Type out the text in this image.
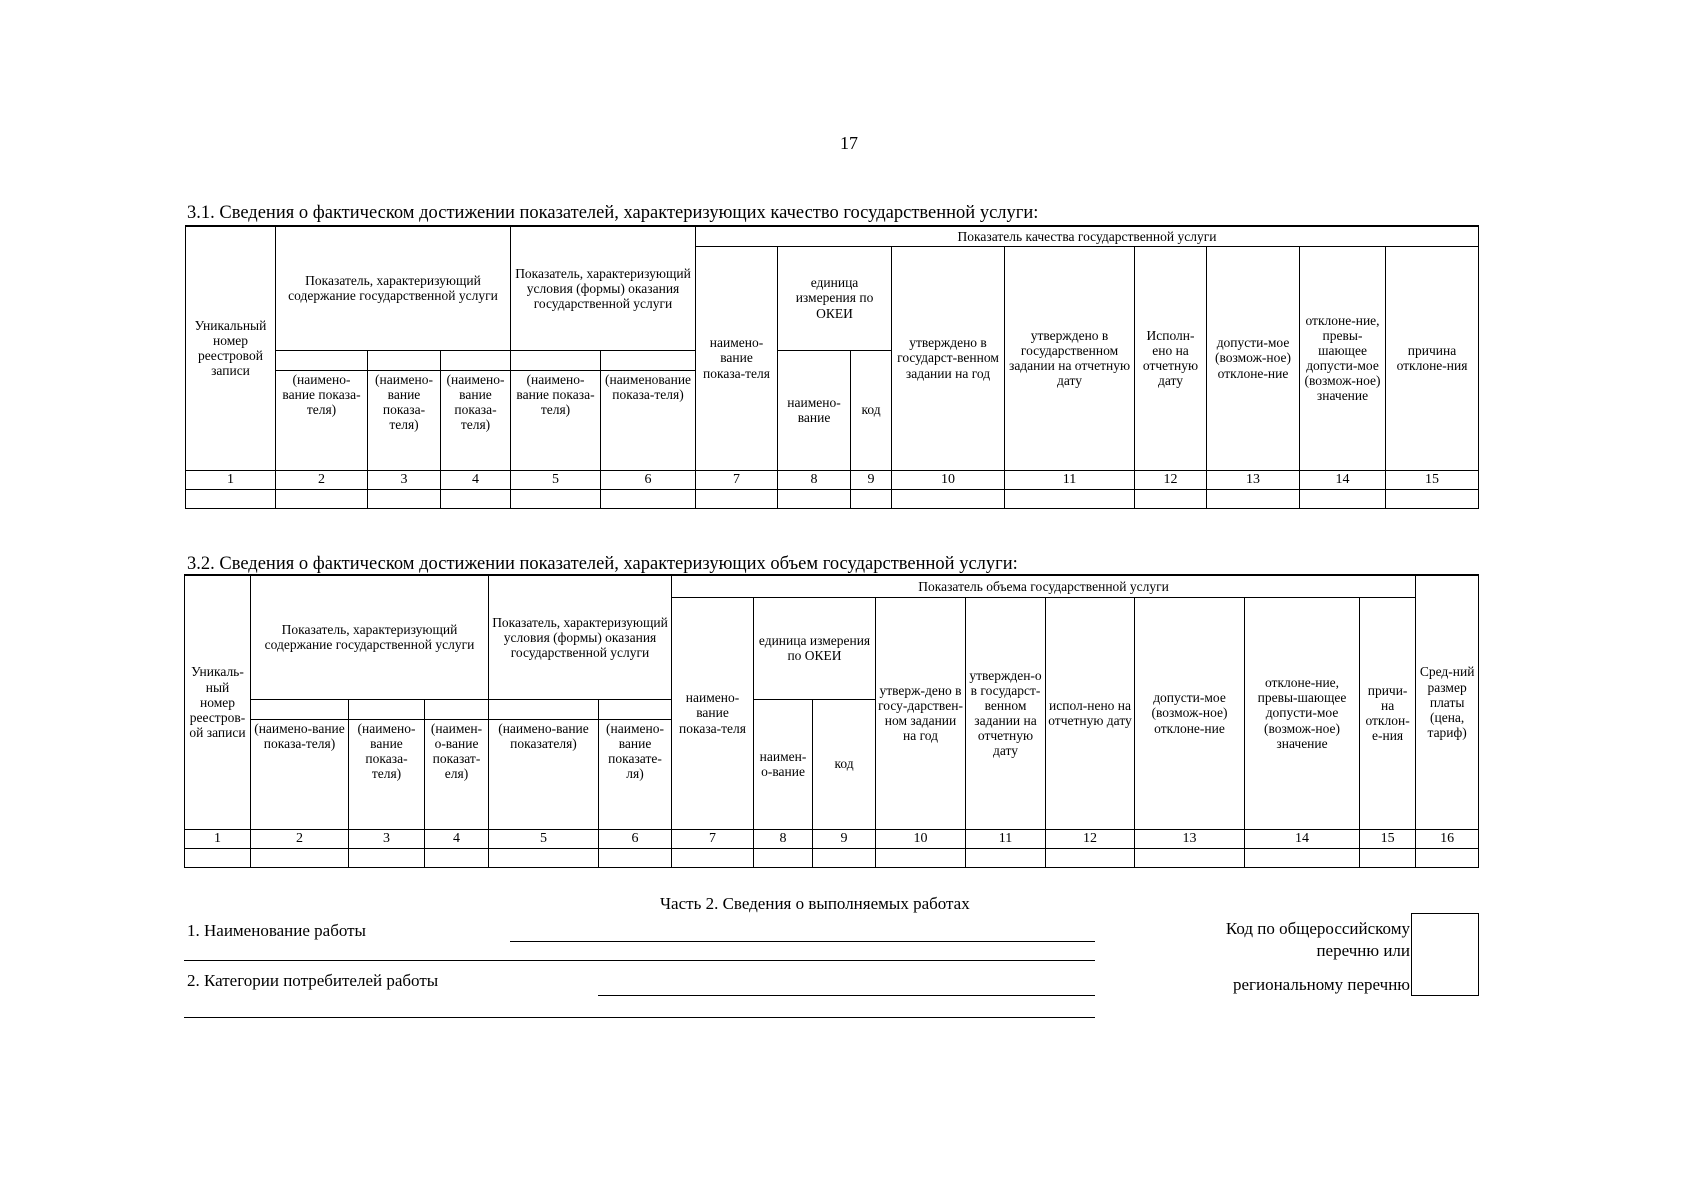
17
3.1. Сведения о фактическом достижении показателей, характеризующих качество государственной услуги:
Уникальный номер реестровой записи	Показатель, характеризующий содержание государственной услуги			Показатель, характеризующий условия (формы) оказания государственной услуги		Показатель качества государственной услуги								
						наимено-вание показа-теля	единица измерения по ОКЕИ		утверждено в государст-венном задании на год	утверждено в государственном задании на отчетную дату	Исполн-ено на отчетную дату	допусти-мое (возмож-ное) отклоне-ние	отклоне-ние, превы-шающее допусти-мое (возмож-ное) значение	причина отклоне-ния
							наимено-вание	код						
	(наимено-вание показа-теля)	(наимено-вание показа-теля)	(наимено-вание показа-теля)	(наимено-вание показа-теля)	(наименование показа-теля)									
1	2	3	4	5	6	7	8	9	10	11	12	13	14	15

3.2. Сведения о фактическом достижении показателей, характеризующих объем государственной услуги:
Уникаль-ный номер реестров-ой записи	Показатель, характеризующий содержание государственной услуги			Показатель, характеризующий условия (формы) оказания государственной услуги		Показатель объема государственной услуги									Сред-ний размер платы (цена, тариф)
						наимено-вание показа-теля	единица измерения по ОКЕИ		утверж-дено в госу-дарствен-ном задании на год	утвержден-о в государст-венном задании на отчетную дату	испол-нено на отчетную дату	допусти-мое (возмож-ное) отклоне-ние	отклоне-ние, превы-шающее допусти-мое (возмож-ное) значение	причи-на отклон-е-ния	
							наимен-о-вание	код							
	(наимено-вание показа-теля)	(наимено-вание показа-теля)	(наимен-о-вание показат-еля)	(наимено-вание показателя)	(наимено-вание показате-ля)										
1	2	3	4	5	6	7	8	9	10	11	12	13	14	15	16

Часть 2. Сведения о выполняемых работах
1. Наименование работы
2. Категории потребителей работы
Код по общероссийскому
перечню или
региональному перечню
